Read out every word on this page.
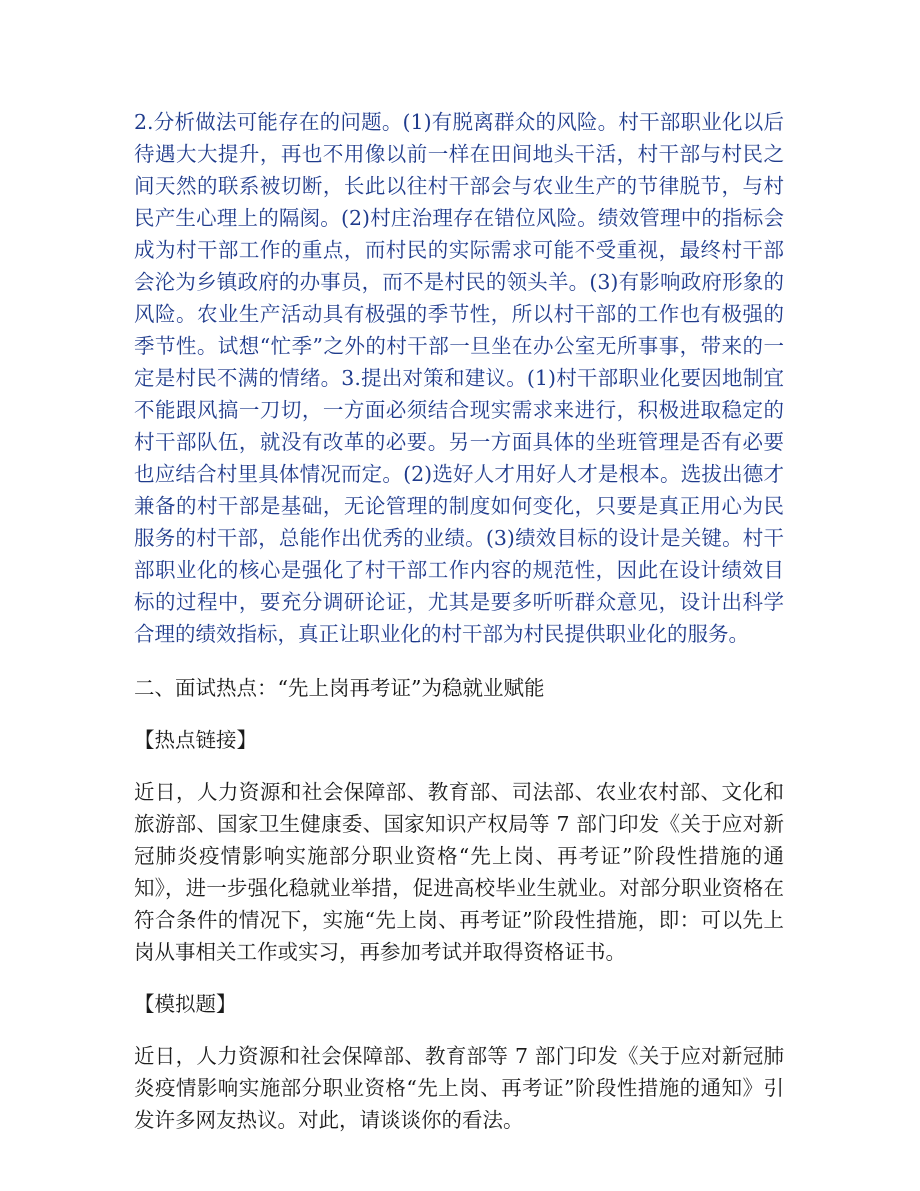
2.分析做法可能存在的问题。(1)有脱离群众的风险。村干部职业化以后待遇大大提升，再也不用像以前一样在田间地头干活，村干部与村民之间天然的联系被切断，长此以往村干部会与农业生产的节律脱节，与村民产生心理上的隔阂。(2)村庄治理存在错位风险。绩效管理中的指标会成为村干部工作的重点，而村民的实际需求可能不受重视，最终村干部会沦为乡镇政府的办事员，而不是村民的领头羊。(3)有影响政府形象的风险。农业生产活动具有极强的季节性，所以村干部的工作也有极强的季节性。试想“忙季”之外的村干部一旦坐在办公室无所事事，带来的一定是村民不满的情绪。3.提出对策和建议。(1)村干部职业化要因地制宜不能跟风搞一刀切，一方面必须结合现实需求来进行，积极进取稳定的村干部队伍，就没有改革的必要。另一方面具体的坐班管理是否有必要也应结合村里具体情况而定。(2)选好人才用好人才是根本。选拔出德才兼备的村干部是基础，无论管理的制度如何变化，只要是真正用心为民服务的村干部，总能作出优秀的业绩。(3)绩效目标的设计是关键。村干部职业化的核心是强化了村干部工作内容的规范性，因此在设计绩效目标的过程中，要充分调研论证，尤其是要多听听群众意见，设计出科学合理的绩效指标，真正让职业化的村干部为村民提供职业化的服务。

二、面试热点：“先上岗再考证”为稳就业赋能

【热点链接】

近日，人力资源和社会保障部、教育部、司法部、农业农村部、文化和旅游部、国家卫生健康委、国家知识产权局等 7 部门印发《关于应对新冠肺炎疫情影响实施部分职业资格“先上岗、再考证”阶段性措施的通知》，进一步强化稳就业举措，促进高校毕业生就业。对部分职业资格在符合条件的情况下，实施“先上岗、再考证”阶段性措施，即：可以先上岗从事相关工作或实习，再参加考试并取得资格证书。

【模拟题】

近日，人力资源和社会保障部、教育部等 7 部门印发《关于应对新冠肺炎疫情影响实施部分职业资格“先上岗、再考证”阶段性措施的通知》引发许多网友热议。对此，请谈谈你的看法。
